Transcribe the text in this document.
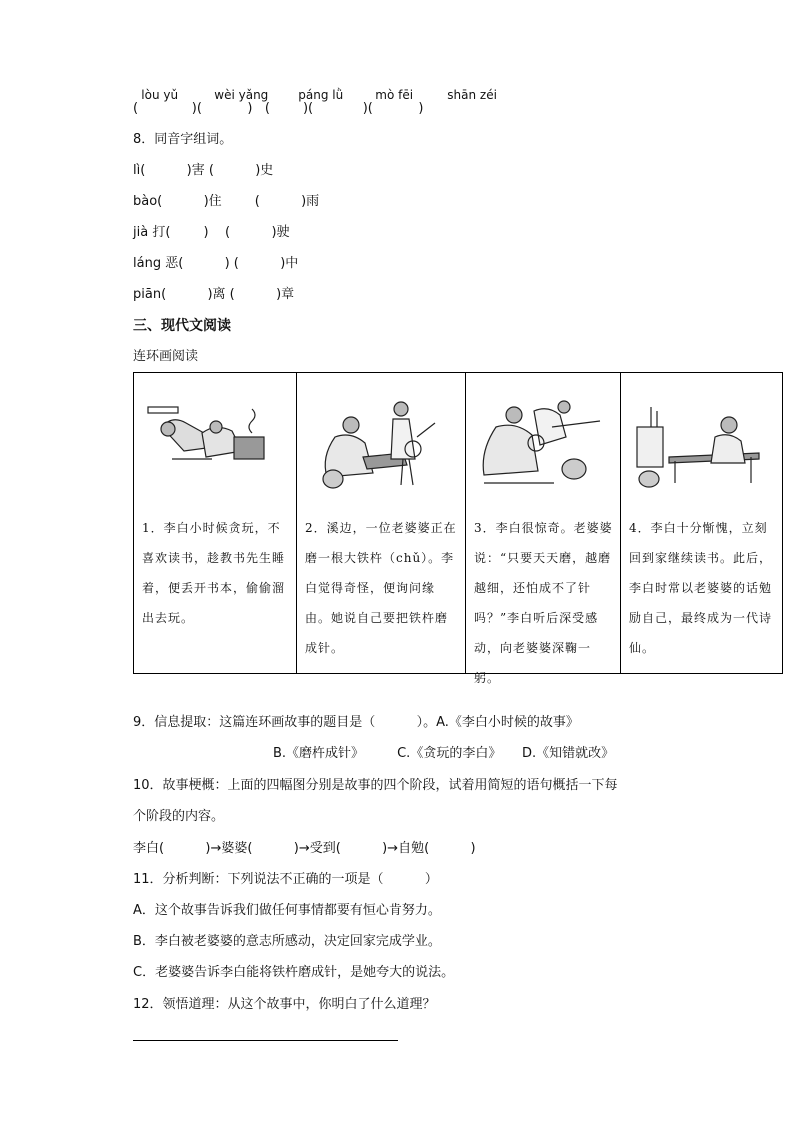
lòu yǔ	wèi yǎng páng lǜ	mò fēi	shān zéi

(             )(           )   (        )(            )(           )
8．同音字组词。
lì(          )害 (          )史
bào(          )住        (          )雨
jià 打(        )    (          )驶
láng 恶(          ) (          )中
piān(          )离 (          )章
三、现代文阅读
连环画阅读
1．李白小时候贪玩，不喜欢读书，趁教书先生睡着，便丢开书本，偷偷溜出去玩。

2．溪边，一位老婆婆正在磨一根大铁杵（chǔ）。李白觉得奇怪，便询问缘由。她说自己要把铁杵磨成针。

3．李白很惊奇。老婆婆说：“只要天天磨，越磨越细，还怕成不了针吗？”李白听后深受感动，向老婆婆深鞠一躬。

4．李白十分惭愧，立刻回到家继续读书。此后，李白时常以老婆婆的话勉励自己，最终成为一代诗仙。
9．信息提取：这篇连环画故事的题目是（          ）。A.《李白小时候的故事》
B.《磨杵成针》        C.《贪玩的李白》     D.《知错就改》
10．故事梗概：上面的四幅图分别是故事的四个阶段，试着用简短的语句概括一下每
个阶段的内容。
李白(          )→婆婆(          )→受到(          )→自勉(          )
11．分析判断：下列说法不正确的一项是（          ）
A．这个故事告诉我们做任何事情都要有恒心肯努力。
B．李白被老婆婆的意志所感动，决定回家完成学业。
C．老婆婆告诉李白能将铁杵磨成针，是她夸大的说法。
12．领悟道理：从这个故事中，你明白了什么道理？
